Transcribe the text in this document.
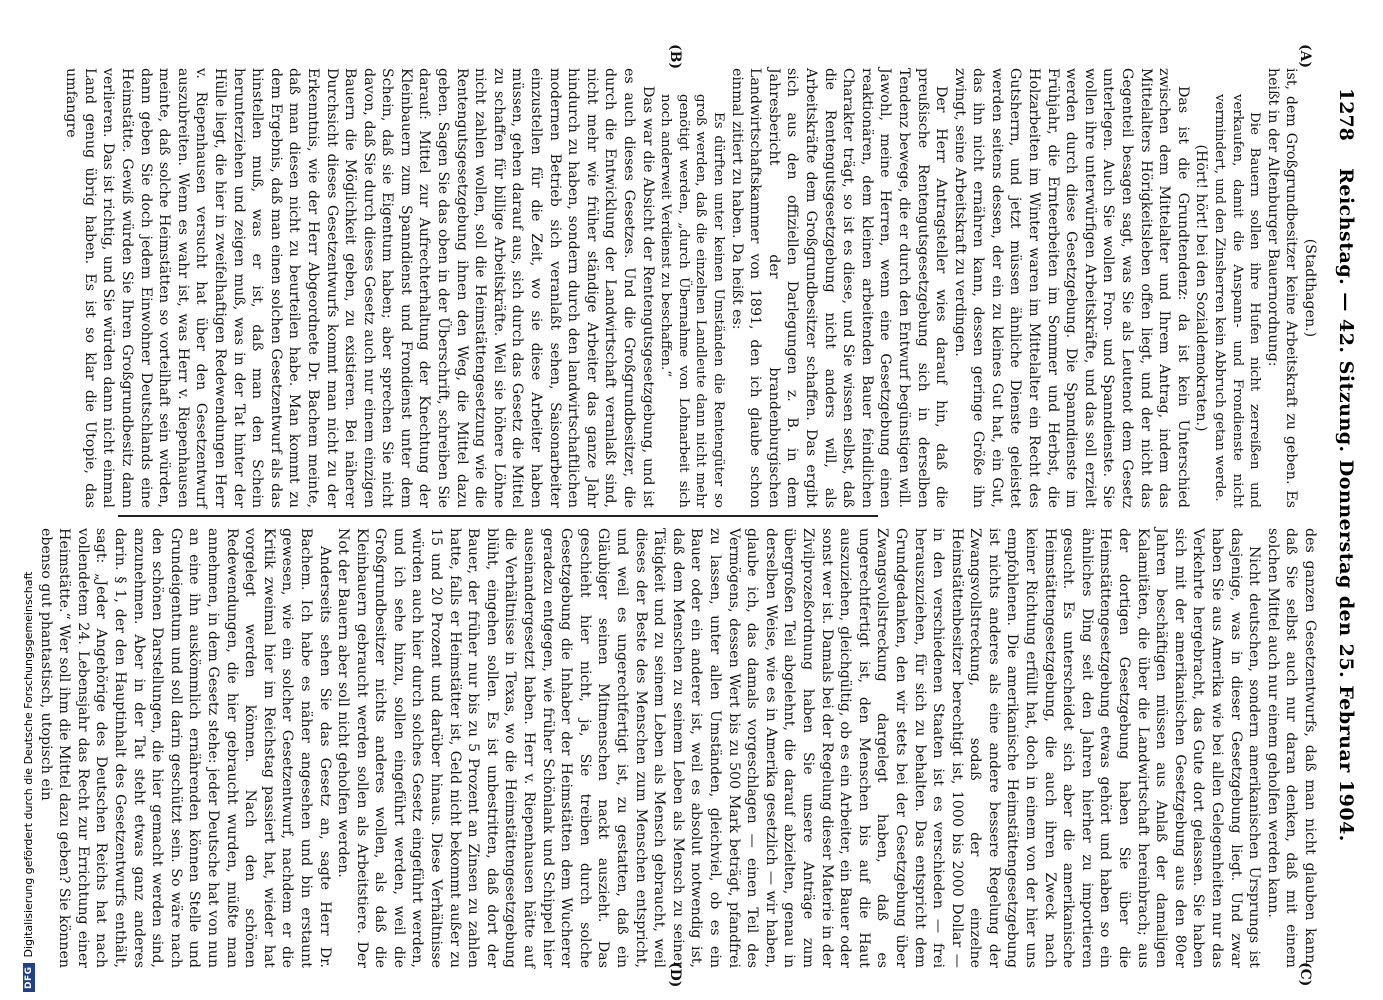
1278
Reichstag. — 42. Sitzung. Donnerstag den 25. Februar 1904.
(A)
(B)
(C)
(D)

(Stadthagen.)

ist, dem Großgrundbesitzer keine Arbeitskraft zu geben. Es heißt in der Altenburger Bauernordnung:

Die Bauern sollen ihre Hufen nicht zerreißen und verkaufen, damit die Anspann- und Frondienste nicht vermindert, und den Zinsherren kein Abbruch getan werde.

(Hört! hört! bei den Sozialdemokraten.)

Das ist die Grundtendenz: da ist kein Unterschied zwischen dem Mittelalter und Ihrem Antrag, indem das Mittelalters Hörigkeitsleben offen liegt, und der nicht das Gegenteil besagen sagt, was Sie als Leutenot dem Gesetz unterlegen. Auch Sie wollen Fron- und Spanndienste. Sie wollen ihre unterwürfigen Arbeitskräfte, und das soll erzielt werden durch diese Gesetzgebung. Die Spanndienste im Frühjahr, die Ernteerbeiten im Sommer und Herbst, die Holzarbeiten im Winter waren im Mittelalter ein Recht des Gutsherrn, und jetzt müssen ähnliche Dienste geleistet werden seitens dessen, der ein zu kleines Gut hat, ein Gut, das ihn nicht ernähren kann, dessen geringe Größe ihn zwingt, seine Arbeitskraft zu verdingen.

Der Herr Antragsteller wies darauf hin, daß die preußische Rentengutsgesetzgebung sich in derselben Tendenz bewege, die er durch den Entwurf begünstigen will. Jawohl, meine Herren, wenn eine Gesetzgebung einen reaktionären, dem kleinen arbeitenden Bauer feindlichen Charakter trägt, so ist es diese, und Sie wissen selbst, daß die Rentengutsgesetzgebung nicht anders will, als Arbeitskräfte dem Großgrundbesitzer schaffen. Das ergibt sich aus den offiziellen Darlegungen z. B. in dem Jahresbericht der brandenburgischen Landwirtschaftskammer von 1891, den ich glaube schon einmal zitiert zu haben. Da heißt es:

Es dürften unter keinen Umständen die Rentengüter so groß werden, daß die einzelnen Landleute dann nicht mehr genötigt werden, „durch Übernahme von Lohnarbeit sich noch anderweit Verdienst zu beschaffen.“

Das war die Absicht der Rentengutsgesetzgebung, und ist es auch dieses Gesetzes. Und die Großgrundbesitzer, die durch die Entwicklung der Landwirtschaft veranlaßt sind, nicht mehr wie früher ständige Arbeiter das ganze Jahr hindurch zu haben, sondern durch den landwirtschaftlichen modernen Betrieb sich veranlaßt sehen, Saisonarbeiter einzustellen für die Zeit, wo sie diese Arbeiter haben müssen, gehen darauf aus, sich durch das Gesetz die Mittel zu schaffen für billige Arbeitskräfte. Weil sie höhere Löhne nicht zahlen wollen, soll die Heimstättengesetzung wie die Rentengutsgesetzgebung ihnen den Weg, die Mittel dazu geben. Sagen Sie das oben in der Überschrift, schreiben Sie darauf: Mittel zur Aufrechterhaltung der Knechtung der Kleinbauern zum Spanndienst und Frondienst unter dem Schein, daß sie Eigentum haben; aber sprechen Sie nicht davon, daß Sie durch dieses Gesetz auch nur einem einzigen Bauern die Möglichkeit geben, zu existieren. Bei näherer Durchsicht dieses Gesetzentwurfs kommt man nicht zu der Erkenntnis, wie der Herr Abgeordnete Dr. Bachem meinte, daß man diesen nicht zu beurteilen habe. Man kommt zu dem Ergebnis, daß man einen solchen Gesetzentwurf als das hinstellen muß, was er ist, daß man den Schein herunterziehen und zeigen muß, was in der Tat hinter der Hülle liegt, die hier in zweifelhaftigen Redewendungen Herr v. Riepenhausen versucht hat über den Gesetzentwurf auszubreiten. Wenn es wahr ist, was Herr v. Riepenhausen meinte, daß solche Heimstätten so vorteilhaft sein würden, dann geben Sie doch jedem Einwohner Deutschlands eine Heimstätte. Gewiß würden Sie Ihren Großgrundbesitz dann verlieren. Das ist richtig, und Sie würden dann nicht einmal Land genug übrig haben. Es ist so klar die Utopie, das umfangre

des ganzen Gesetzentwurfs, daß man nicht glauben kann, daß Sie selbst auch nur daran denken, daß mit einem solchen Mittel auch nur einem geholfen werden kann.

Nicht deutschen, sondern amerikanischen Ursprungs ist dasjenige, was in dieser Gesetzgebung liegt. Und zwar haben Sie aus Amerika wie bei allen Gelegenheiten nur das Verkehrte hergebracht, das Gute dort gelassen. Sie haben sich mit der amerikanischen Gesetzgebung aus den 80er Jahren beschäftigen müssen aus Anlaß der damaligen Kalamitäten, die über die Landwirtschaft hereinbrach; aus der dortigen Gesetzgebung haben Sie über die Heimstättengesetzgebung etwas gehört und haben so ein ähnliches Ding seit den Jahren hierher zu importieren gesucht. Es unterscheidet sich aber die amerikanische Heimstättengesetzgebung, die auch ihren Zweck nach keiner Richtung erfüllt hat, doch in einem von der hier uns empfohlenen. Die amerikanische Heimstättengesetzgebung ist nichts anderes als eine andere bessere Regelung der Zwangsvollstreckung, sodaß der einzelne Heimstättenbesitzer berechtigt ist, 1000 bis 2000 Dollar — in den verschiedenen Staaten ist es verschieden — frei herauszuziehen, für sich zu behalten. Das entspricht dem Grundgedanken, den wir stets bei der Gesetzgebung über Zwangsvollstreckung dargelegt haben, daß es ungerechtfertigt ist, den Menschen bis auf die Haut auszuziehen, gleichgültig, ob es ein Arbeiter, ein Bauer oder sonst wer ist. Damals bei der Regelung dieser Materie in der Zivilprozeßordnung haben Sie unsere Anträge zum übergroßen Teil abgelehnt, die darauf abzielten, genau in derselben Weise, wie es in Amerika gesetzlich — wir haben, glaube ich, das damals vorgeschlagen — einen Teil des Vermögens, dessen Wert bis zu 500 Mark beträgt, pfandfrei zu lassen, unter allen Umständen, gleichviel, ob es ein Bauer oder ein anderer ist, weil es absolut notwendig ist, daß dem Menschen zu seinem Leben als Mensch zu seiner Tätigkeit und zu seinem Leben als Mensch gebraucht, weil dieses der Beste des Menschen zum Menschen entspricht, und weil es ungerechtfertigt ist, zu gestatten, daß ein Gläubiger seinen Mitmenschen nackt auszieht. Das geschieht hier nicht, ja, Sie treiben durch solche Gesetzgebung die Inhaber der Heimstätten dem Wucherer geradezu entgegen, wie früher Schönlank und Schippel hier auseinandergesetzt haben. Herr v. Riepenhausen hätte auf die Verhältnisse in Texas, wo die Heimstättengesetzgebung blüht, eingehen sollen. Es ist unbestritten, daß dort der Bauer, der früher nur bis zu 5 Prozent an Zinsen zu zahlen hatte, falls er Heimstätter ist, Geld nicht bekommt außer zu 15 und 20 Prozent und darüber hinaus. Diese Verhältnisse würden auch hier durch solches Gesetz eingeführt werden, und ich sehe hinzu, sollen eingeführt werden, weil die Großgrundbesitzer nichts anderes wollen, als daß die Kleinbauern gebraucht werden sollen als Arbeitstiere. Der Not der Bauern aber soll nicht geholfen werden.

Anderseits sehen Sie das Gesetz an, sagte Herr Dr. Bachem. Ich habe es näher angesehen und bin erstaunt gewesen, wie ein solcher Gesetzentwurf, nachdem er die Kritik zweimal hier im Reichstag passiert hat, wieder hat vorgelegt werden können. Nach den schönen Redewendungen, die hier gebraucht wurden, müßte man annehmen, in dem Gesetz stehe: jeder Deutsche hat von nun an eine ihn auskömmlich ernährenden können Stelle und Grundeigentum und soll darin geschützt sein. So wäre nach den schönen Darstellungen, die hier gemacht werden sind, anzunehmen. Aber in der Tat steht etwas ganz anderes darin. § 1, der den Hauptinhalt des Gesetzentwurfs enthält, sagt: „Jeder Angehörige des Deutschen Reichs hat nach vollendetem 24. Lebensjahr das Recht zur Errichtung einer Heimstätte.“ Wer soll ihm die Mittel dazu geben? Sie können ebenso gut phantastisch, utopisch ein

DFG
Digitalisierung gefördert durch die Deutsche Forschungsgemeinschaft
